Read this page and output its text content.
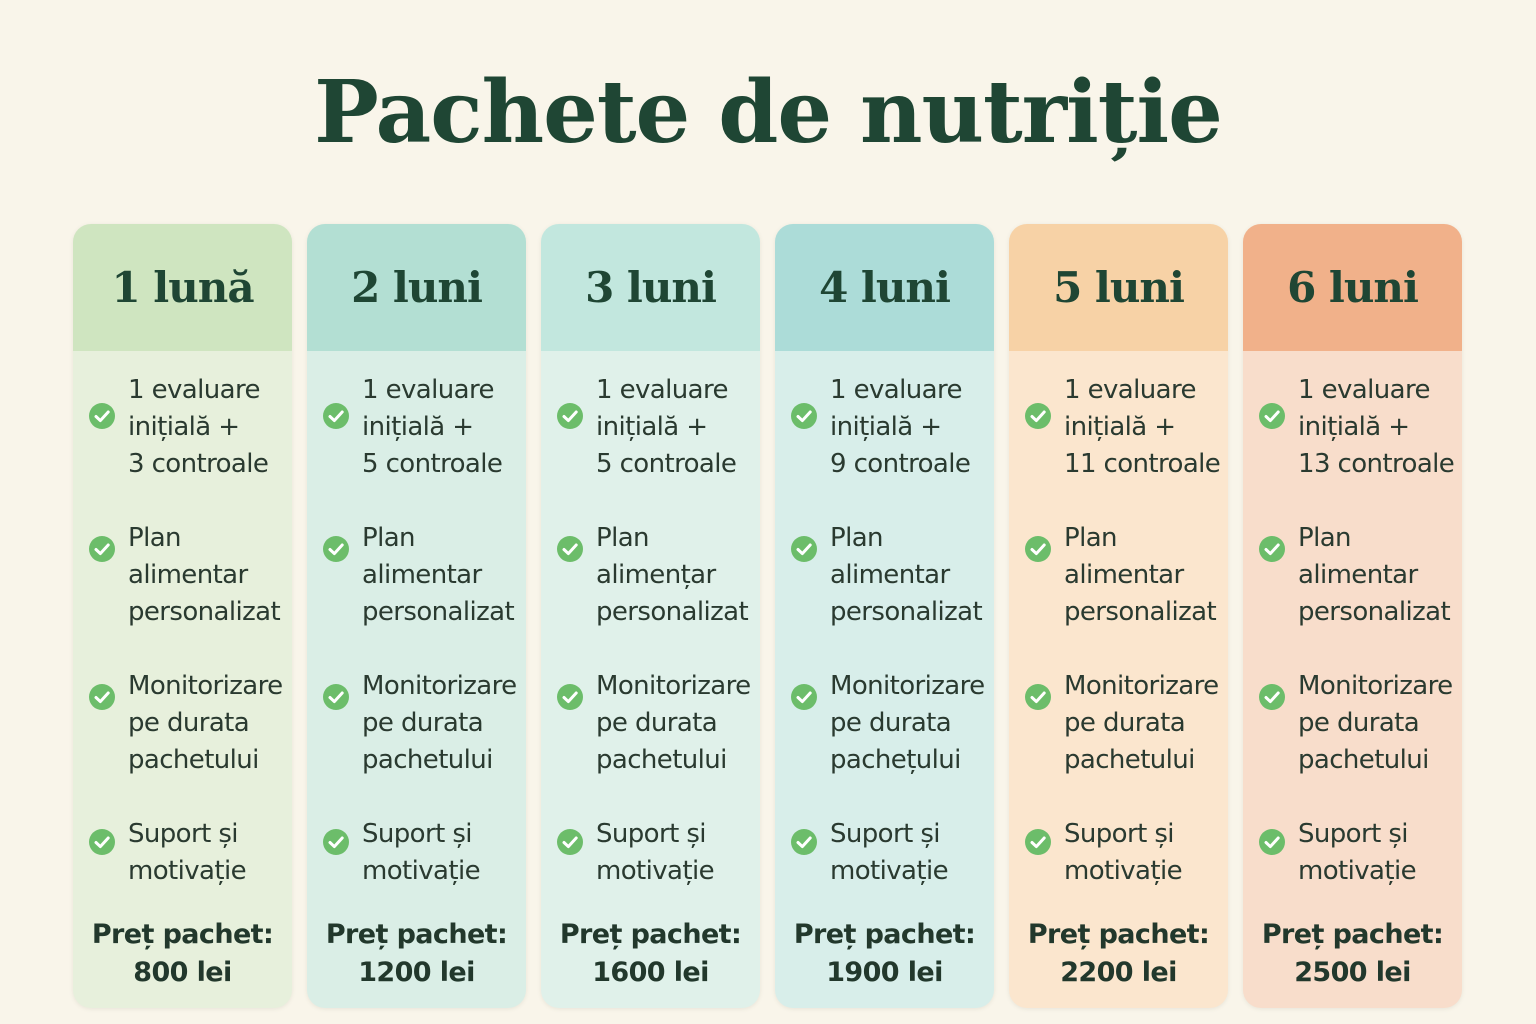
Pachete de nutriție
1 lună
1 evaluare
inițială +
3 controale
Plan
alimentar
personalizat
Monitorizare
pe durata
pachetului
Suport și
motivație
Preț pachet:
800 lei
2 luni
1 evaluare
inițială +
5 controale
Plan
alimentar
personalizat
Monitorizare
pe durata
pachetului
Suport și
motivație
Preț pachet:
1200 lei
3 luni
1 evaluare
inițială +
5 controale
Plan
alimențar
personalizat
Monitorizare
pe durata
pachetului
Suport și
motivație
Preț pachet:
1600 lei
4 luni
1 evaluare
inițială +
9 controale
Plan
alimentar
personalizat
Monitorizare
pe durata
pachețului
Suport și
motivație
Preț pachet:
1900 lei
5 luni
1 evaluare
inițială +
11 controale
Plan
alimentar
personalizat
Monitorizare
pe durata
pachetului
Suport și
motivație
Preț pachet:
2200 lei
6 luni
1 evaluare
inițială +
13 controale
Plan
alimentar
personalizat
Monitorizare
pe durata
pachetului
Suport și
motivație
Preț pachet:
2500 lei
